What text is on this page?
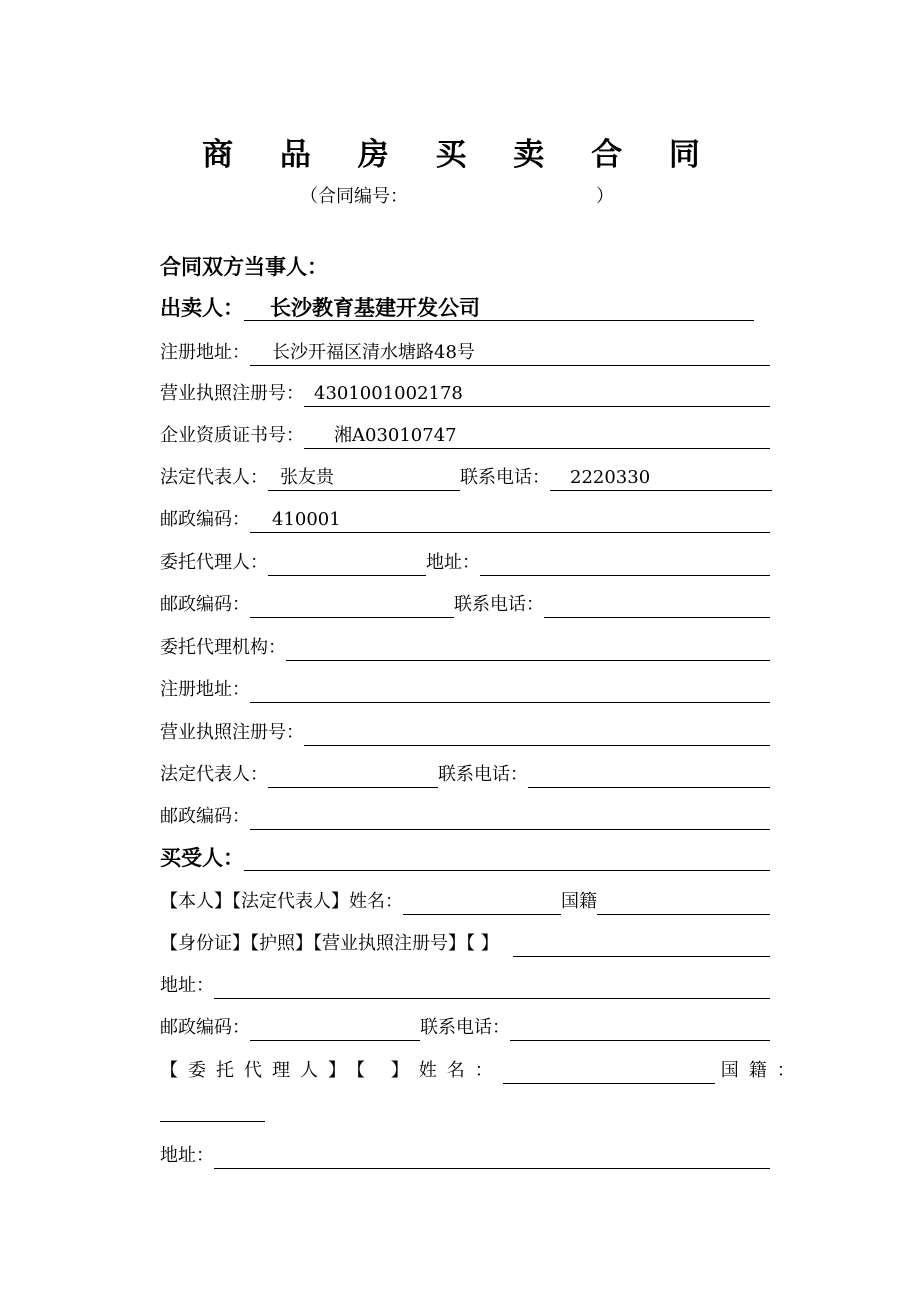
商 品 房 买 卖 合 同
（合同编号：	）
合同双方当事人：
出卖人：	长沙教育基建开发公司
注册地址：	长沙开福区清水塘路48号
营业执照注册号： 4301001002178
企业资质证书号：	湘A03010747
法定代表人： 张友贵	联系电话：	2220330
邮政编码：	410001
委托代理人：	地址：
邮政编码：	联系电话：
委托代理机构：
注册地址：
营业执照注册号：
法定代表人：	联系电话：
邮政编码：
买受人：
【本人】【法定代表人】姓名：	国籍
【身份证】【护照】【营业执照注册号】【 】
地址：
邮政编码：	联系电话：
【委托代理人】【 】姓名：	国籍：
地址：
